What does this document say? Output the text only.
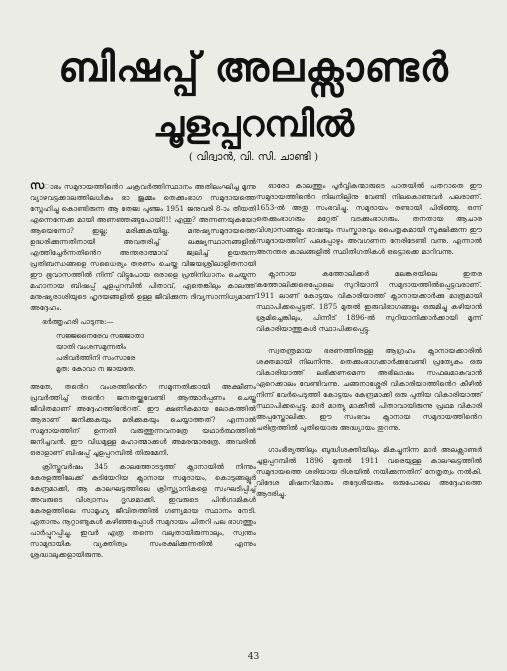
ബിഷപ്പ് അലക്സാണ്ടർ
ചൂളപ്പറമ്പിൽ
( വിദ്വാൻ, വി. സി. ചാണ്ടി )

സാഭം സമുദായത്തിൻെറ ചക്രവർത്തിസ്ഥാനം അതിലംഘിച്ച മൂന്നു വ്യാഴവട്ടക്കാലത്തിലധികം ഭാ ജുമ്മം തെക്കുംഭാഗ സമുദായത്തെ സ്നേഹിച്ചു കൊണ്ടിരുന്ന ആ തേജഃ പുഞ്ജം 1951 ജനുവരി 8-ാം തീയതി എന്നെന്നേക്ക മായി അണഞ്ഞങ്ങുപോയി!!! എന്തു? അന്നണയുകയോ ആയെന്നോ? ഇല്ല; മരിക്കുകയില്ല. മനുഷ്യസമുദായത്തെ ഉദ്ധരിക്കുന്നതിനായി അവതരിച്ച് ലക്ഷ്യസ്ഥാനങ്ങളിൽ എത്തിച്ചേർന്നതിൻെറ അന്തരാത്മാവ് ജ്വലിച്ച് ഉയരുന്ന പ്രതിബന്ധങ്ങളെ സധൈര്യം തരണം ചെയ്ത വിജയശ്രീലാളിതനായി ഈ ഭൂവാസത്തിൽ നിന്ന് വിട്ടുപോയ ഒരാളെ പ്രതിനിധാനം ചെയ്യുന്ന മഹാനായ ബിഷപ്പ് ചൂളപ്പറമ്പിൽ പിതാവ്, ഏതെങ്കിലും കാലത്ത് മനുഷ്യരാശിയുടെ ഹൃദയങ്ങളിൽ ഉള്ള ജീവിക്കുന്ന ദിവ്യസാന്നിധ്യമാണ് അദ്ദേഹം.

ഭർത്തൃഹരി പാടുന്നു:—

സജ്ജനൈരേവ സജ്ജാതാ
യാതി വംശസമുന്നതിം
പരിവർത്തിനി സംസാരേ
മൃത: കോവാ ന ജായതേ.

അതേ, തൻെറ വംശത്തിൻെറ സമുന്നതിക്കായി അക്ഷീണം പ്രവർത്തിച്ച് തൻെറ ജനതയ്ക്കുവേണ്ടി ആത്മാർപ്പണം ചെയ്ത ജീവിതമാണ് അദ്ദേഹത്തിൻേറത്. ഈ ക്ഷണികമായ ലോകത്തിൽ ആരാണ് ജനിക്കുകയും മരിക്കുകയും ചെയ്യാത്തത്? എന്നാൽ സമുദായത്തിന് ഉന്നതി വരുത്തുന്നവനത്രേ യഥാർത്ഥത്തിൽ ജനിച്ചവൻ. ഈ വിധമുള്ള മഹാത്മാക്കൾ അമരന്മാരത്രേ. അവരിൽ ഒരാളാണ് ബിഷപ്പ് ചൂളപ്പറമ്പിൽ തിരുമേനി.

ക്രിസ്തുവർഷം 345 കാലത്തോടടുത്ത് ക്നാനായിൽ നിന്നും കേരളത്തിലേക്ക് കുടിയേറിയ ക്നാനായ സമുദായം, കൊടുങ്ങല്ലൂർ കേന്ദ്രമാക്കി, ആ കാലഘട്ടത്തിലെ ക്രിസ്ത്യാനികളെ സംഘടിപ്പിച്ച് അവരുടെ വിശ്വാസം ദൃഢമാക്കി. ഇവരുടെ പിൻഗാമികൾ കേരളത്തിലെ സാമൂഹ്യ ജീവിതത്തിൽ ഗണ്യമായ സ്ഥാനം നേടി. ഏതാനും നൂറ്റാണ്ടുകൾ കഴിഞ്ഞപ്പോൾ സമുദായം ചിതറി പല ഭാഗത്തും പാർപ്പുറപ്പിച്ചു. ഇവർ എത്ര തന്നെ വലുതായിരുന്നാലും, സ്വന്തം സാമുദായിക വ്യക്തിത്വം സംരക്ഷിക്കുന്നതിൽ എന്നും ശ്രദ്ധാലുക്കളായിരുന്നു.

ഓരോ കാലത്തും പൂർവ്വികന്മാരുടെ പാതയിൽ പതറാതെ ഈ സമുദായത്തിൻെറ നിലനില്പിനു വേണ്ടി നിലകൊണ്ടവർ പലരാണ്. 1653-ൽ അതു സംഭവിച്ചു. സമുദായം രണ്ടായി പിരിഞ്ഞു. ഒന്ന് തെക്കുംഭാഗരും മറ്റേത് വടക്കുംഭാഗരും. തനതായ ആചാര വിശ്വാസങ്ങളും ഭാഷയും സംസ്കാരവും പൈതൃകമായി സൂക്ഷിക്കുന്ന ഈ സമുദായത്തിന് പലപ്പോഴും അവഗണന നേരിടേണ്ടി വന്നു. എന്നാൽ അനന്തര കാലങ്ങളിൽ സ്ഥിതിഗതികൾ ഒട്ടൊക്കെ മാറിവന്നു.

ക്നാനായ കത്തോലിക്കർ മലങ്കരയിലെ ഇതര കത്തോലിക്കരെപ്പോലെ സുറിയാനി സമുദായത്തിൽപ്പെട്ടവരാണ്. 1911 ലാണ് കോട്ടയം വികാരിയാത്ത് ക്നാനായക്കാർക്കു മാത്രമായി സ്ഥാപിക്കപ്പെട്ടത്. 1875 മുതൽ ഇരുവിഭാഗങ്ങളും ഒരുമിച്ചു കഴിയാൻ ശ്രമിച്ചെങ്കിലും, പിന്നീട് 1896-ൽ സുറിയാനിക്കാർക്കായി മൂന്ന് വികാരിയാത്തുകൾ സ്ഥാപിക്കപ്പെട്ടു.

സ്വതന്ത്രമായ ഭരണത്തിനുള്ള ആഗ്രഹം ക്നാനായക്കാരിൽ ശക്തമായി നിലനിന്നു. തെക്കുംഭാഗക്കാർക്കുവേണ്ടി പ്രത്യേകം ഒരു വികാരിയാത്ത് ലഭിക്കണമെന്ന അഭിലാഷം സഫലമാകുവാൻ ഏറെക്കാലം വേണ്ടിവന്നു. ചങ്ങനാശ്ശേരി വികാരിയാത്തിൻെറ കീഴിൽ നിന്ന് വേർപെടുത്തി കോട്ടയം കേന്ദ്രമാക്കി ഒരു പുതിയ വികാരിയാത്ത് സ്ഥാപിക്കപ്പെട്ടു. മാർ മാത്യു മാക്കീൽ പിതാവായിരുന്നു പ്രഥമ വികാരി അപ്പസ്തോലിക്ക. ഈ സംഭവം ക്നാനായ സമുദായത്തിൻെറ ചരിത്രത്തിൽ പുതിയൊരു അദ്ധ്യായം തുറന്നു.

ഗാംഭീര്യത്തിലും ബുദ്ധിശക്തിയിലും മികച്ചുനിന്ന മാർ അലക്സാണ്ടർ ചൂളപ്പറമ്പിൽ 1896 മുതൽ 1911 വരെയുള്ള കാലഘട്ടത്തിൽ സമുദായത്തെ ശരിയായ ദിശയിൽ നയിക്കുന്നതിന് നേതൃത്വം നൽകി. വിദേശ മിഷനറിമാരും തദ്ദേശീയരും ഒരുപോലെ അദ്ദേഹത്തെ ആദരിച്ചു.

43
